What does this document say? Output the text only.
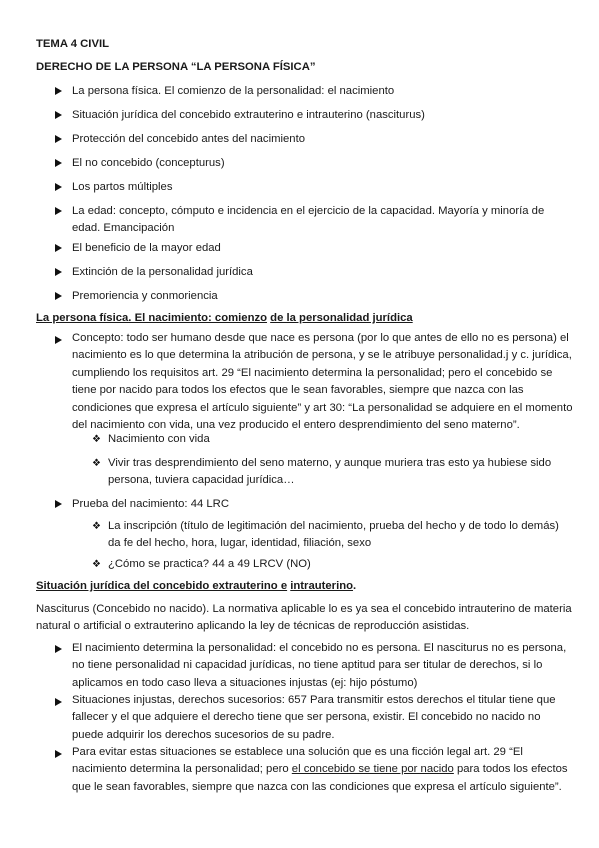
TEMA 4 CIVIL
DERECHO DE LA PERSONA “LA PERSONA FÍSICA”
La persona física. El comienzo de la personalidad: el nacimiento
Situación jurídica del concebido extrauterino e intrauterino (nasciturus)
Protección del concebido antes del nacimiento
El no concebido (concepturus)
Los partos múltiples
La edad: concepto, cómputo e incidencia en el ejercicio de la capacidad. Mayoría y minoría de
edad. Emancipación
El beneficio de la mayor edad
Extinción de la personalidad jurídica
Premoriencia y conmoriencia
La persona física. El nacimiento: comienzo de la personalidad jurídica
Concepto: todo ser humano desde que nace es persona (por lo que antes de ello no es persona) el
nacimiento es lo que determina la atribución de persona, y se le atribuye personalidad.j y c. jurídica,
cumpliendo los requisitos art. 29 “El nacimiento determina la personalidad; pero el concebido se
tiene por nacido para todos los efectos que le sean favorables, siempre que nazca con las
condiciones que expresa el artículo siguiente” y art 30: “La personalidad se adquiere en el momento
del nacimiento con vida, una vez producido el entero desprendimiento del seno materno”.
❖ Nacimiento con vida
❖ Vivir tras desprendimiento del seno materno, y aunque muriera tras esto ya hubiese sido
persona, tuviera capacidad jurídica…
Prueba del nacimiento: 44 LRC
❖ La inscripción (título de legitimación del nacimiento, prueba del hecho y de todo lo demás)
da fe del hecho, hora, lugar, identidad, filiación, sexo
❖ ¿Cómo se practica? 44 a 49 LRCV (NO)
Situación jurídica del concebido extrauterino e intrauterino.
Nasciturus (Concebido no nacido). La normativa aplicable lo es ya sea el concebido intrauterino de materia
natural o artificial o extrauterino aplicando la ley de técnicas de reproducción asistidas.
El nacimiento determina la personalidad: el concebido no es persona. El nasciturus no es persona,
no tiene personalidad ni capacidad jurídicas, no tiene aptitud para ser titular de derechos, si lo
aplicamos en todo caso lleva a situaciones injustas (ej: hijo póstumo)
Situaciones injustas, derechos sucesorios: 657 Para transmitir estos derechos el titular tiene que
fallecer y el que adquiere el derecho tiene que ser persona, existir. El concebido no nacido no
puede adquirir los derechos sucesorios de su padre.
Para evitar estas situaciones se establece una solución que es una ficción legal art. 29 “El
nacimiento determina la personalidad; pero el concebido se tiene por nacido para todos los efectos
que le sean favorables, siempre que nazca con las condiciones que expresa el artículo siguiente”.
